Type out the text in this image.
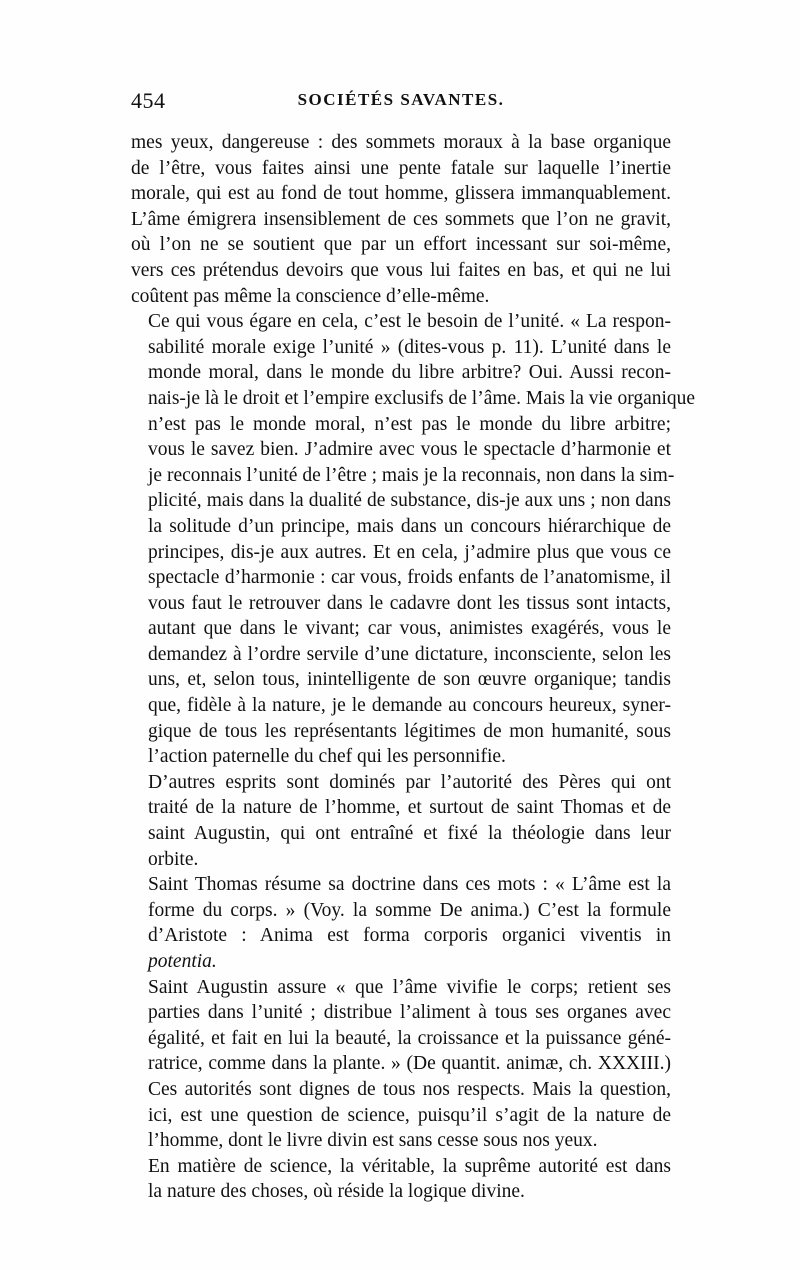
454	SOCIÉTÉS SAVANTES.

mes yeux, dangereuse : des sommets moraux à la base organique
de l’être, vous faites ainsi une pente fatale sur laquelle l’inertie
morale, qui est au fond de tout homme, glissera immanquablement.
L’âme émigrera insensiblement de ces sommets que l’on ne gravit,
où l’on ne se soutient que par un effort incessant sur soi-même,
vers ces prétendus devoirs que vous lui faites en bas, et qui ne lui
coûtent pas même la conscience d’elle-même.

Ce qui vous égare en cela, c’est le besoin de l’unité. « La respon-
sabilité morale exige l’unité » (dites-vous p. 11). L’unité dans le
monde moral, dans le monde du libre arbitre? Oui. Aussi recon-
nais-je là le droit et l’empire exclusifs de l’âme. Mais la vie organique
n’est pas le monde moral, n’est pas le monde du libre arbitre;
vous le savez bien. J’admire avec vous le spectacle d’harmonie et
je reconnais l’unité de l’être ; mais je la reconnais, non dans la sim-
plicité, mais dans la dualité de substance, dis-je aux uns ; non dans
la solitude d’un principe, mais dans un concours hiérarchique de
principes, dis-je aux autres. Et en cela, j’admire plus que vous ce
spectacle d’harmonie : car vous, froids enfants de l’anatomisme, il
vous faut le retrouver dans le cadavre dont les tissus sont intacts,
autant que dans le vivant; car vous, animistes exagérés, vous le
demandez à l’ordre servile d’une dictature, inconsciente, selon les
uns, et, selon tous, inintelligente de son œuvre organique; tandis
que, fidèle à la nature, je le demande au concours heureux, syner-
gique de tous les représentants légitimes de mon humanité, sous
l’action paternelle du chef qui les personnifie.

D’autres esprits sont dominés par l’autorité des Pères qui ont
traité de la nature de l’homme, et surtout de saint Thomas et de
saint Augustin, qui ont entraîné et fixé la théologie dans leur
orbite.

Saint Thomas résume sa doctrine dans ces mots : « L’âme est la
forme du corps. » (Voy. la somme De anima.) C’est la formule
d’Aristote : Anima est forma corporis organici viventis in
potentia.

Saint Augustin assure « que l’âme vivifie le corps; retient ses
parties dans l’unité ; distribue l’aliment à tous ses organes avec
égalité, et fait en lui la beauté, la croissance et la puissance géné-
ratrice, comme dans la plante. » (De quantit. animæ, ch. XXXIII.)

Ces autorités sont dignes de tous nos respects. Mais la question,
ici, est une question de science, puisqu’il s’agit de la nature de
l’homme, dont le livre divin est sans cesse sous nos yeux.

En matière de science, la véritable, la suprême autorité est dans
la nature des choses, où réside la logique divine.
